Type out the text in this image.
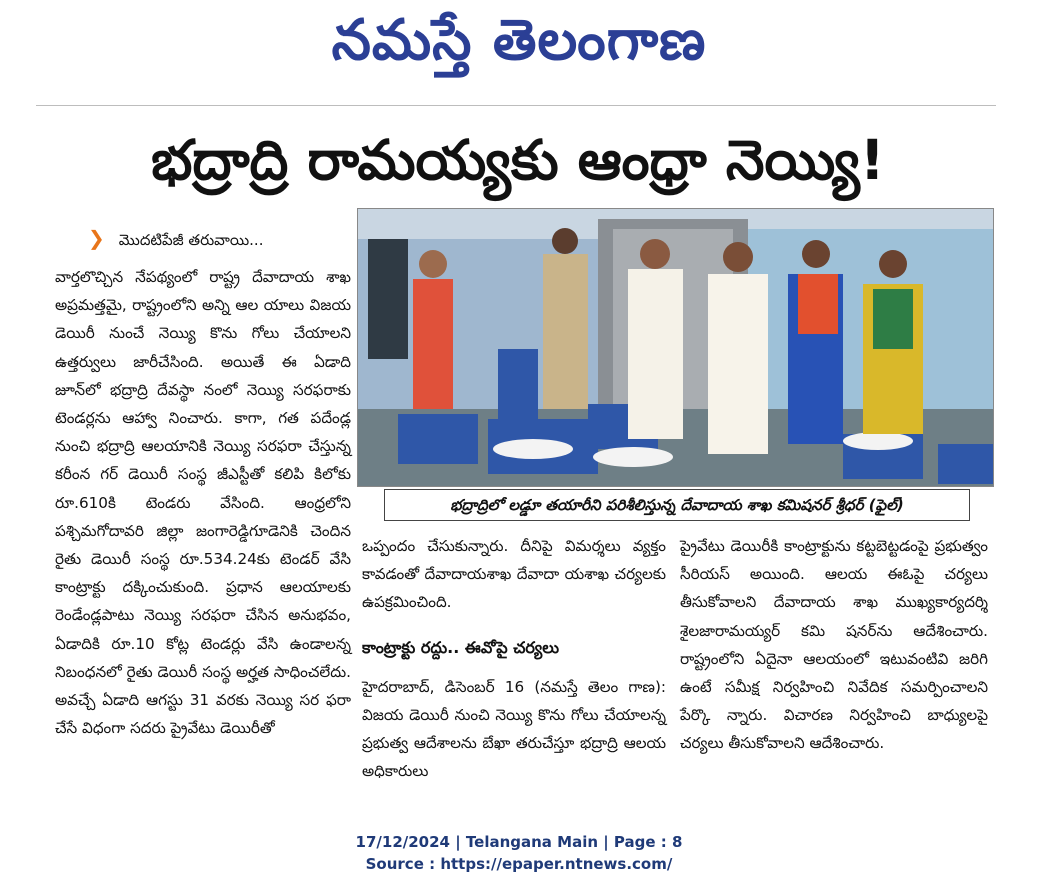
నమస్తే తెలంగాణ
భద్రాద్రి రామయ్యకు ఆంధ్రా నెయ్యి!
❯ మొదటిపేజీ తరువాయి...

వార్తలొచ్చిన నేపథ్యంలో రాష్ట్ర దేవాదాయ శాఖ అప్రమత్తమై, రాష్ట్రంలోని అన్ని ఆల యాలు విజయ డెయిరీ నుంచే నెయ్యి కొను గోలు చేయాలని ఉత్తర్వులు జారీచేసింది. అయితే ఈ ఏడాది జూన్‌లో భద్రాద్రి దేవస్థా నంలో నెయ్యి సరఫరాకు టెండర్లను ఆహ్వా నించారు. కాగా, గత పదేండ్ల నుంచి భద్రాద్రి ఆలయానికి నెయ్యి సరఫరా చేస్తున్న కరీంన గర్ డెయిరీ సంస్థ జీఎస్టీతో కలిపి కిలోకు రూ.610కి టెండరు వేసింది. ఆంధ్రలోని పశ్చిమగోదావరి జిల్లా జంగారెడ్డిగూడెనికి చెందిన రైతు డెయిరీ సంస్థ రూ.534.24కు టెండర్ వేసి కాంట్రాక్టు దక్కించుకుంది. ప్రధాన ఆలయాలకు రెండేండ్లపాటు నెయ్యి సరఫరా చేసిన అనుభవం, ఏడాదికి రూ.10 కోట్ల టెండర్లు వేసి ఉండాలన్న నిబంధనలో రైతు డెయిరీ సంస్థ అర్హత సాధించలేదు. అవచ్చే ఏడాది ఆగస్టు 31 వరకు నెయ్యి సర ఫరా చేసే విధంగా సదరు ప్రైవేటు డెయిరీతో

భద్రాద్రిలో లడ్డూ తయారీని పరిశీలిస్తున్న దేవాదాయ శాఖ కమిషనర్ శ్రీధర్ (ఫైల్)

ఒప్పందం చేసుకున్నారు. దీనిపై విమర్శలు వ్యక్తం కావడంతో దేవాదాయశాఖ దేవాదా యశాఖ చర్యలకు ఉపక్రమించింది.

కాంట్రాక్టు రద్దు.. ఈవోపై చర్యలు

హైదరాబాద్, డిసెంబర్ 16 (నమస్తే తెలం గాణ): విజయ డెయిరీ నుంచి నెయ్యి కొను గోలు చేయాలన్న ప్రభుత్వ ఆదేశాలను బేఖా తరుచేస్తూ భద్రాద్రి ఆలయ అధికారులు

ప్రైవేటు డెయిరీకి కాంట్రాక్టును కట్టబెట్టడంపై ప్రభుత్వం సీరియస్ అయింది. ఆలయ ఈఓపై చర్యలు తీసుకోవాలని దేవాదాయ శాఖ ముఖ్యకార్యదర్శి శైలజారామయ్యర్ కమి షనర్‌ను ఆదేశించారు. రాష్ట్రంలోని ఏదైనా ఆలయంలో ఇటువంటివి జరిగి ఉంటే సమీక్ష నిర్వహించి నివేదిక సమర్పించాలని పేర్కొ న్నారు. విచారణ నిర్వహించి బాధ్యులపై చర్యలు తీసుకోవాలని ఆదేశించారు.

17/12/2024 | Telangana Main | Page : 8
Source : https://epaper.ntnews.com/
